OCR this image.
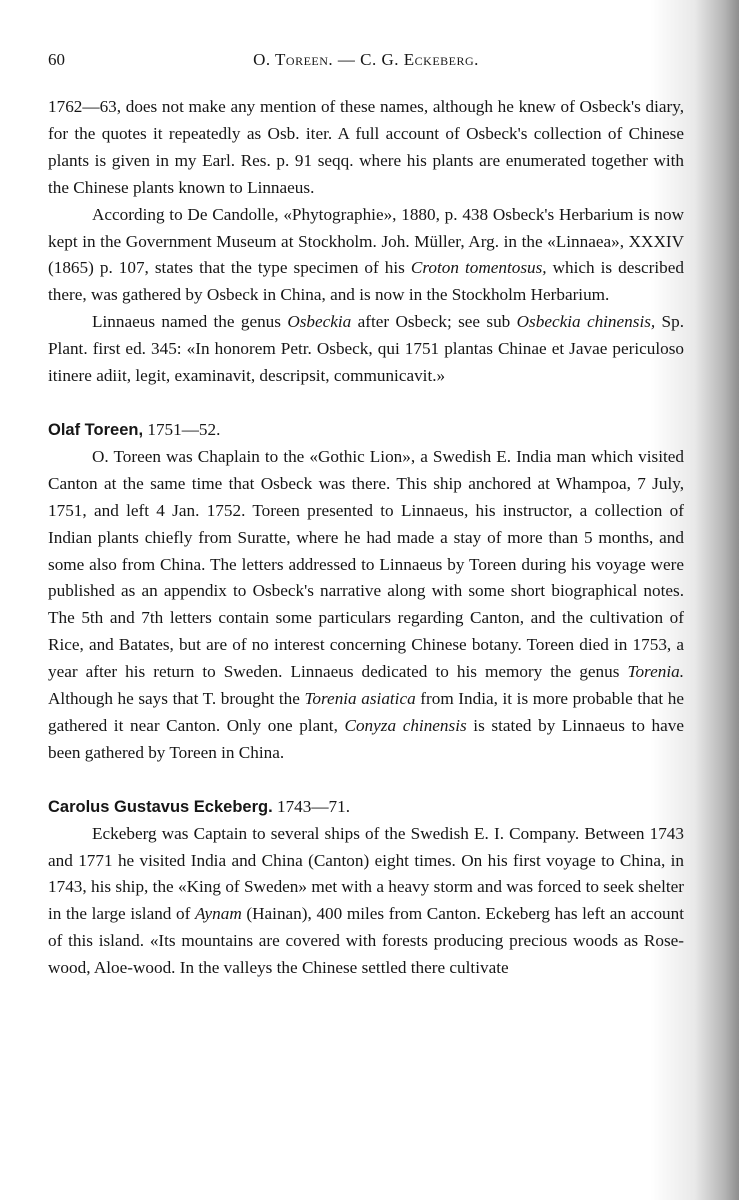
60	O. Toreen. — C. G. Eckeberg.

1762—63, does not make any mention of these names, although he knew of Osbeck's diary, for the quotes it repeatedly as Osb. iter. A full account of Osbeck's collection of Chinese plants is given in my Earl. Res. p. 91 seqq. where his plants are enumerated together with the Chinese plants known to Linnaeus.

According to De Candolle, «Phytographie», 1880, p. 438 Osbeck's Herbarium is now kept in the Government Museum at Stockholm. Joh. Müller, Arg. in the «Linnaea», XXXIV (1865) p. 107, states that the type specimen of his Croton tomentosus, which is described there, was gathered by Osbeck in China, and is now in the Stockholm Herbarium.

Linnaeus named the genus Osbeckia after Osbeck; see sub Osbeckia chinensis, Sp. Plant. first ed. 345: «In honorem Petr. Osbeck, qui 1751 plantas Chinae et Javae periculoso itinere adiit, legit, examinavit, descripsit, communicavit.»

Olaf Toreen, 1751—52.

O. Toreen was Chaplain to the «Gothic Lion», a Swedish E. India man which visited Canton at the same time that Osbeck was there. This ship anchored at Whampoa, 7 July, 1751, and left 4 Jan. 1752. Toreen presented to Linnaeus, his instructor, a collection of Indian plants chiefly from Suratte, where he had made a stay of more than 5 months, and some also from China. The letters addressed to Linnaeus by Toreen during his voyage were published as an appendix to Osbeck's narrative along with some short biographical notes. The 5th and 7th letters contain some particulars regarding Canton, and the cultivation of Rice, and Batates, but are of no interest concerning Chinese botany. Toreen died in 1753, a year after his return to Sweden. Linnaeus dedicated to his memory the genus Torenia. Although he says that T. brought the Torenia asiatica from India, it is more probable that he gathered it near Canton. Only one plant, Conyza chinensis is stated by Linnaeus to have been gathered by Toreen in China.

Carolus Gustavus Eckeberg. 1743—71.

Eckeberg was Captain to several ships of the Swedish E. I. Company. Between 1743 and 1771 he visited India and China (Canton) eight times. On his first voyage to China, in 1743, his ship, the «King of Sweden» met with a heavy storm and was forced to seek shelter in the large island of Aynam (Hainan), 400 miles from Canton. Eckeberg has left an account of this island. «Its mountains are covered with forests producing precious woods as Rose-wood, Aloe-wood. In the valleys the Chinese settled there cultivate
